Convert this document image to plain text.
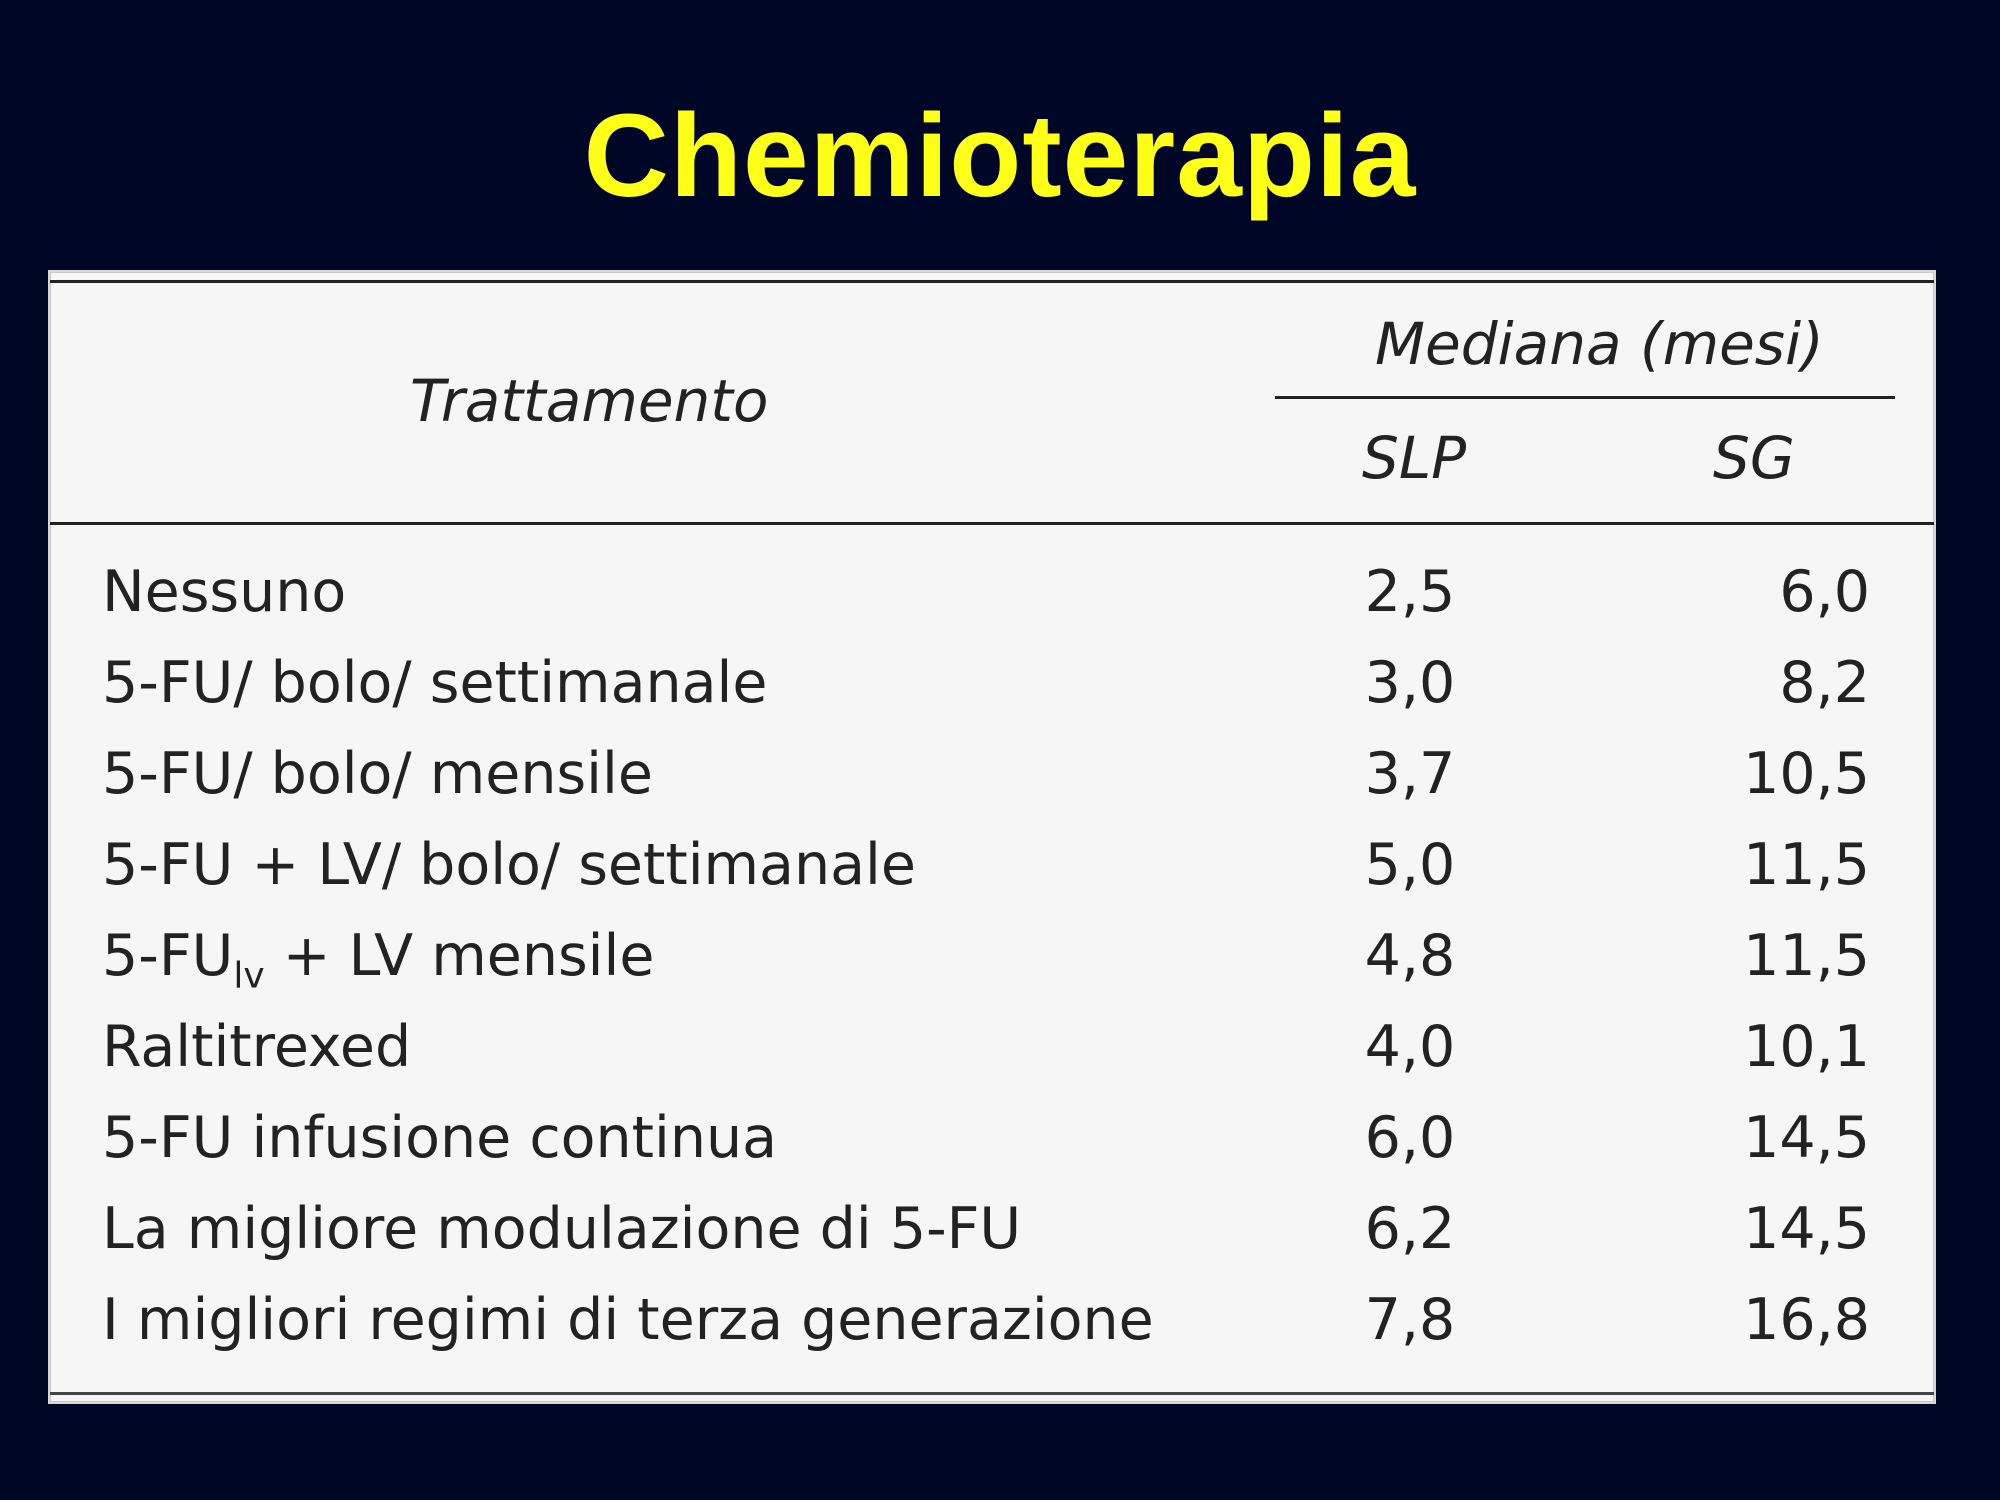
Chemioterapia
Trattamento
Mediana (mesi)
SLP	SG
Nessuno	2,5	6,0
5-FU/ bolo/ settimanale	3,0	8,2
5-FU/ bolo/ mensile	3,7	10,5
5-FU + LV/ bolo/ settimanale	5,0	11,5
$5-FU_{lv}$ + LV mensile	4,8	11,5
Raltitrexed	4,0	10,1
5-FU infusione continua	6,0	14,5
La migliore modulazione di 5-FU	6,2	14,5
I migliori regimi di terza generazione	7,8	16,8
